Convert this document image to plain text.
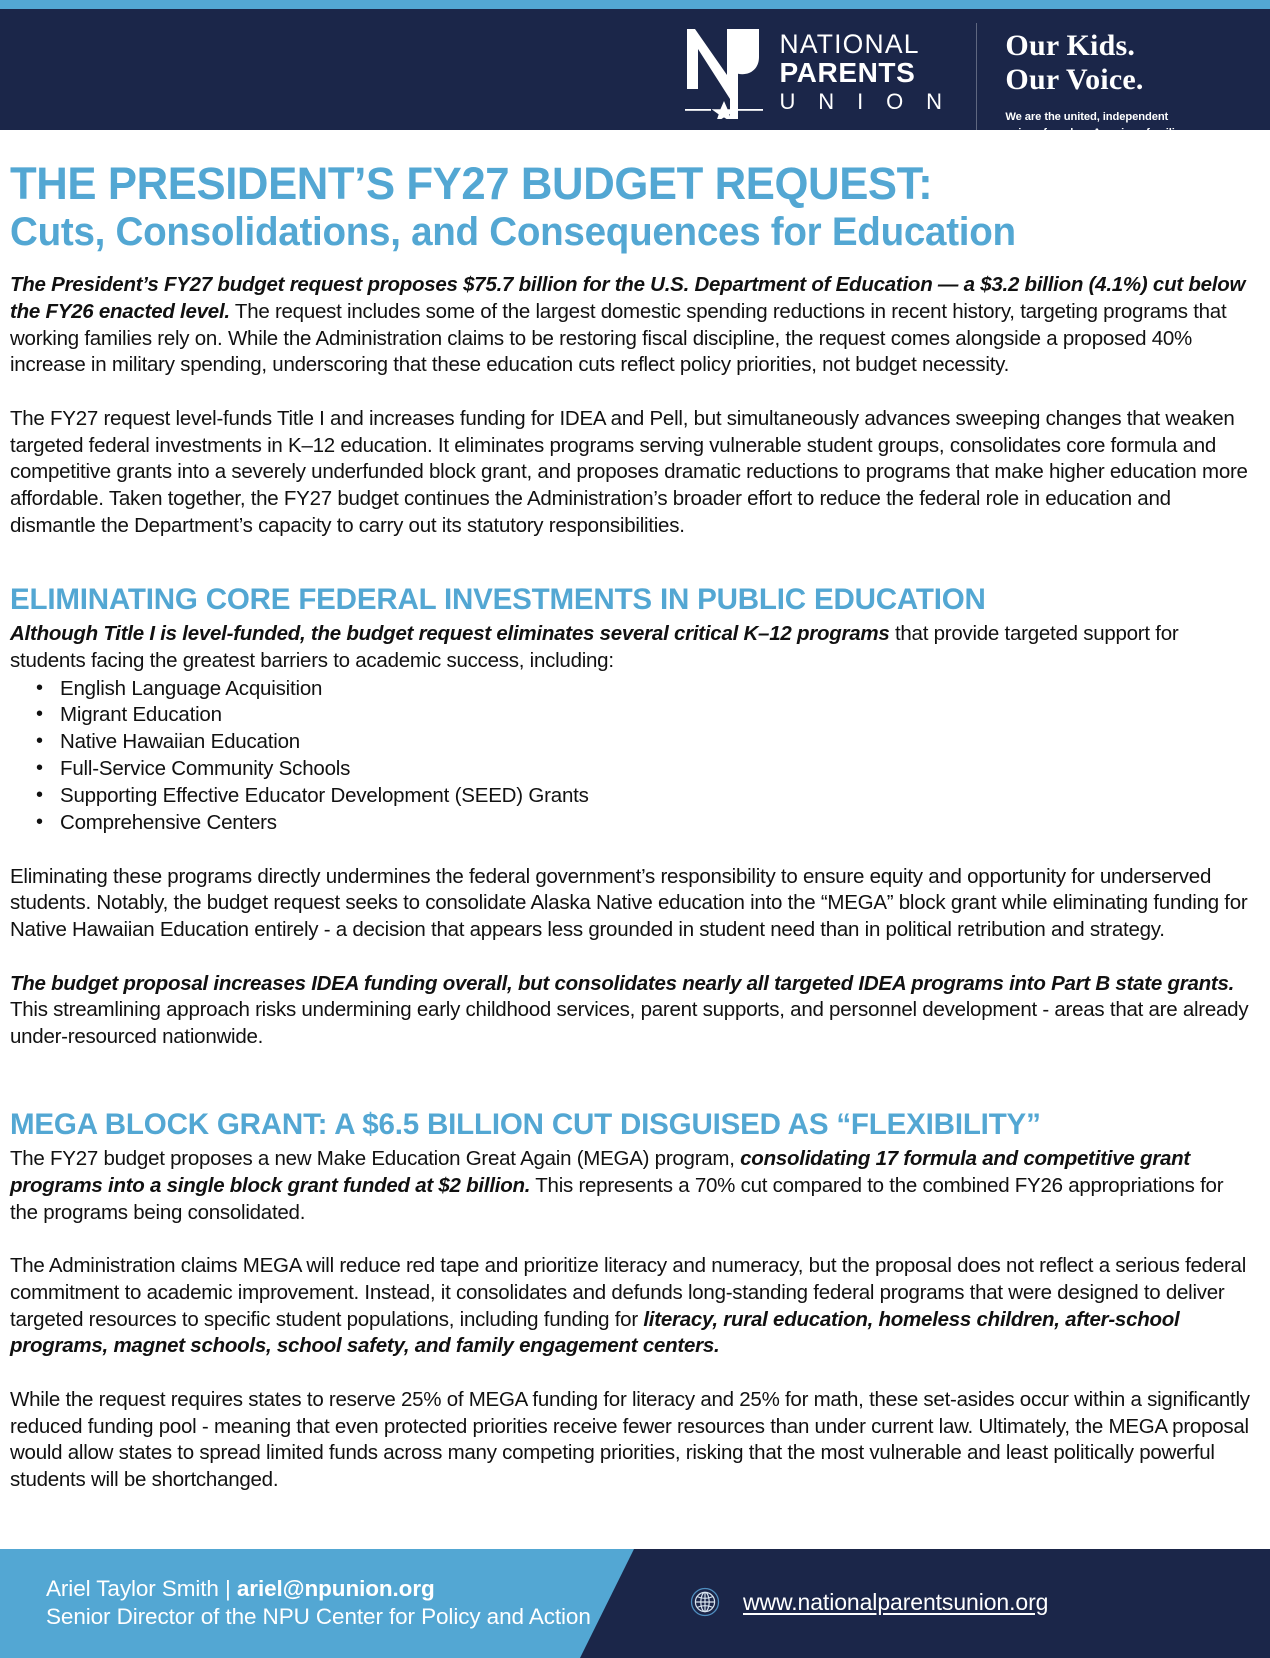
NATIONAL
PARENTS
U N I O N
Our Kids.
Our Voice.
We are the united, independent
voice of modern American families.
THE PRESIDENT’S FY27 BUDGET REQUEST:
Cuts, Consolidations, and Consequences for Education

The President’s FY27 budget request proposes $75.7 billion for the U.S. Department of Education — a $3.2 billion (4.1%) cut below the FY26 enacted level. The request includes some of the largest domestic spending reductions in recent history, targeting programs that working families rely on. While the Administration claims to be restoring fiscal discipline, the request comes alongside a proposed 40% increase in military spending, underscoring that these education cuts reflect policy priorities, not budget necessity.

The FY27 request level-funds Title I and increases funding for IDEA and Pell, but simultaneously advances sweeping changes that weaken targeted federal investments in K–12 education. It eliminates programs serving vulnerable student groups, consolidates core formula and competitive grants into a severely underfunded block grant, and proposes dramatic reductions to programs that make higher education more affordable. Taken together, the FY27 budget continues the Administration’s broader effort to reduce the federal role in education and dismantle the Department’s capacity to carry out its statutory responsibilities.

ELIMINATING CORE FEDERAL INVESTMENTS IN PUBLIC EDUCATION

Although Title I is level-funded, the budget request eliminates several critical K–12 programs that provide targeted support for students facing the greatest barriers to academic success, including:

• English Language Acquisition
• Migrant Education
• Native Hawaiian Education
• Full-Service Community Schools
• Supporting Effective Educator Development (SEED) Grants
• Comprehensive Centers

Eliminating these programs directly undermines the federal government’s responsibility to ensure equity and opportunity for underserved students. Notably, the budget request seeks to consolidate Alaska Native education into the “MEGA” block grant while eliminating funding for Native Hawaiian Education entirely - a decision that appears less grounded in student need than in political retribution and strategy.

The budget proposal increases IDEA funding overall, but consolidates nearly all targeted IDEA programs into Part B state grants. This streamlining approach risks undermining early childhood services, parent supports, and personnel development - areas that are already under-resourced nationwide.

MEGA BLOCK GRANT: A $6.5 BILLION CUT DISGUISED AS “FLEXIBILITY”

The FY27 budget proposes a new Make Education Great Again (MEGA) program, consolidating 17 formula and competitive grant programs into a single block grant funded at $2 billion. This represents a 70% cut compared to the combined FY26 appropriations for the programs being consolidated.

The Administration claims MEGA will reduce red tape and prioritize literacy and numeracy, but the proposal does not reflect a serious federal commitment to academic improvement. Instead, it consolidates and defunds long-standing federal programs that were designed to deliver targeted resources to specific student populations, including funding for literacy, rural education, homeless children, after-school programs, magnet schools, school safety, and family engagement centers.

While the request requires states to reserve 25% of MEGA funding for literacy and 25% for math, these set-asides occur within a significantly reduced funding pool - meaning that even protected priorities receive fewer resources than under current law. Ultimately, the MEGA proposal would allow states to spread limited funds across many competing priorities, risking that the most vulnerable and least politically powerful students will be shortchanged.

Ariel Taylor Smith | ariel@npunion.org
Senior Director of the NPU Center for Policy and Action
www.nationalparentsunion.org
